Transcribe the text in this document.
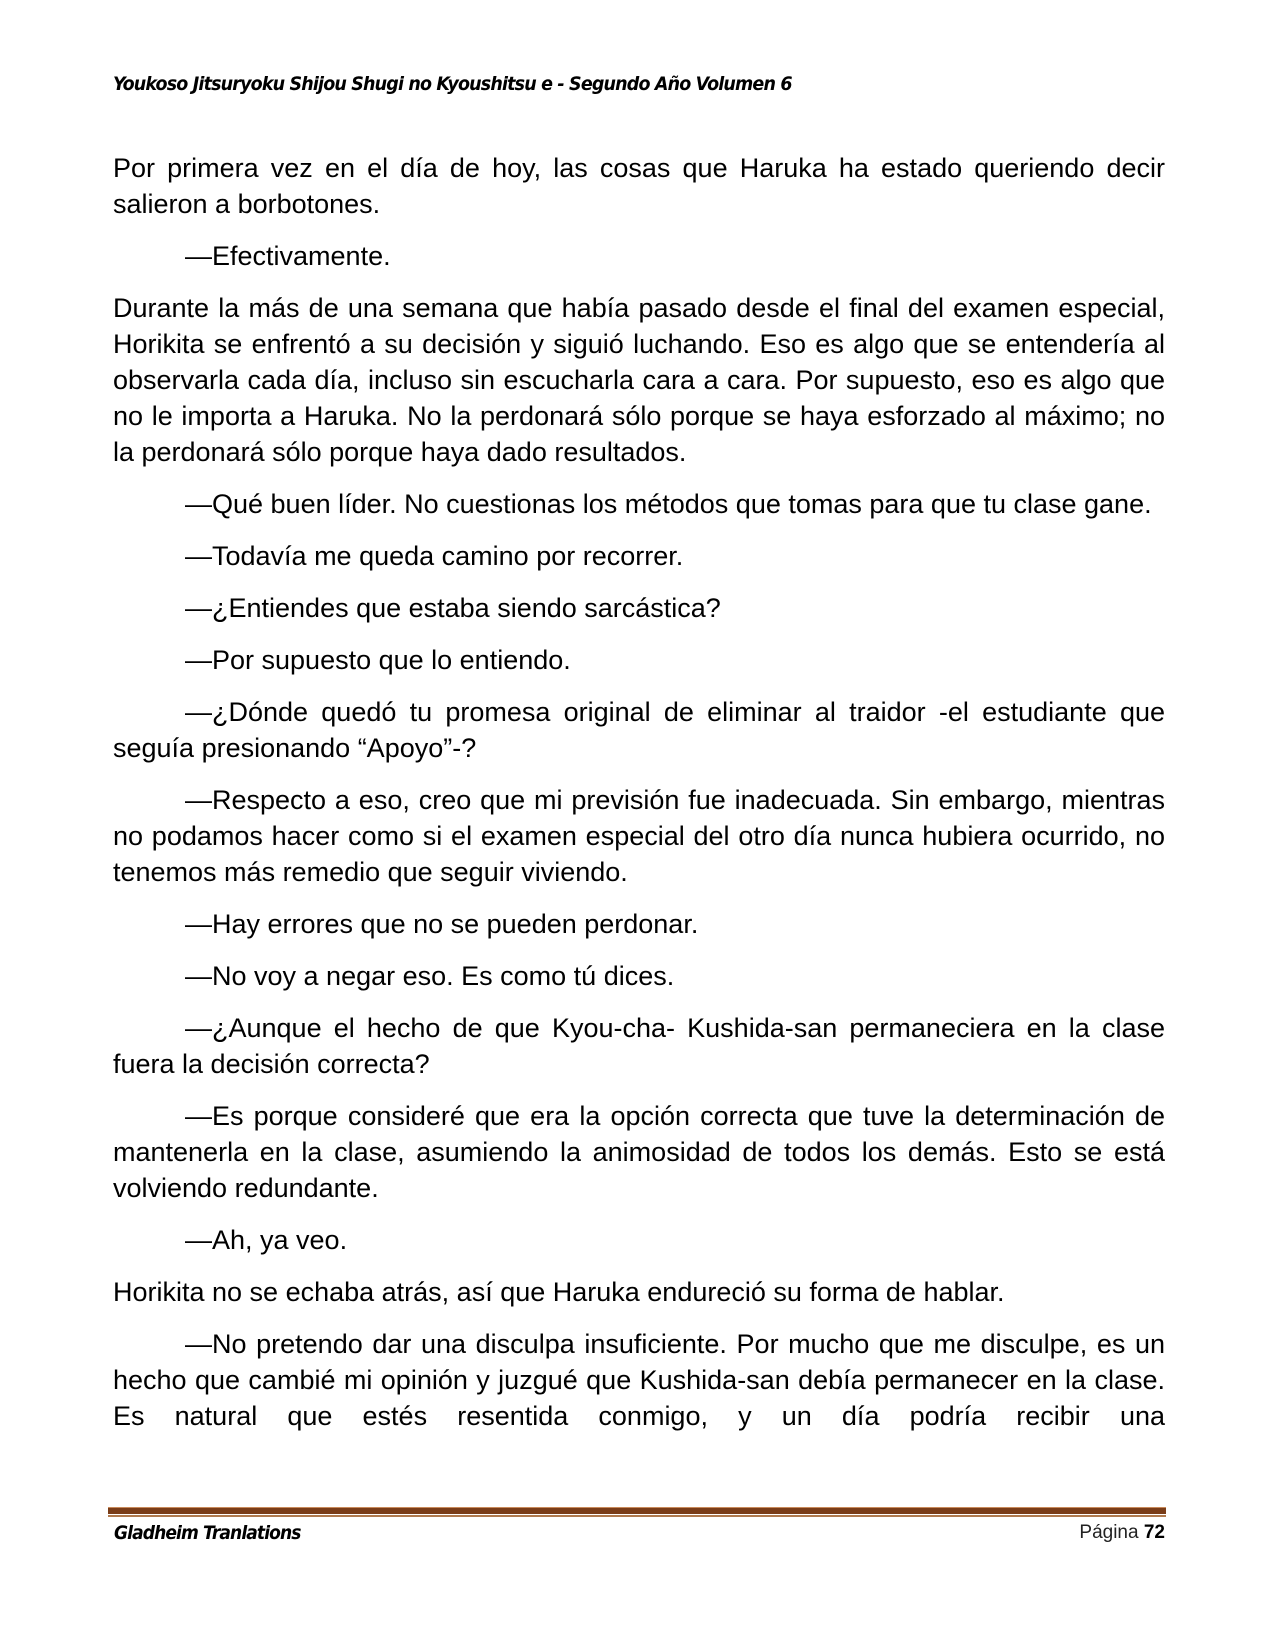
Youkoso Jitsuryoku Shijou Shugi no Kyoushitsu e - Segundo Año Volumen 6

Por primera vez en el día de hoy, las cosas que Haruka ha estado queriendo decir salieron a borbotones.

—Efectivamente.

Durante la más de una semana que había pasado desde el final del examen especial, Horikita se enfrentó a su decisión y siguió luchando. Eso es algo que se entendería al observarla cada día, incluso sin escucharla cara a cara. Por supuesto, eso es algo que no le importa a Haruka. No la perdonará sólo porque se haya esforzado al máximo; no la perdonará sólo porque haya dado resultados.

—Qué buen líder. No cuestionas los métodos que tomas para que tu clase gane.

—Todavía me queda camino por recorrer.

—¿Entiendes que estaba siendo sarcástica?

—Por supuesto que lo entiendo.

—¿Dónde quedó tu promesa original de eliminar al traidor -el estudiante que seguía presionando “Apoyo”-?

—Respecto a eso, creo que mi previsión fue inadecuada. Sin embargo, mientras no podamos hacer como si el examen especial del otro día nunca hubiera ocurrido, no tenemos más remedio que seguir viviendo.

—Hay errores que no se pueden perdonar.

—No voy a negar eso. Es como tú dices.

—¿Aunque el hecho de que Kyou-cha- Kushida-san permaneciera en la clase fuera la decisión correcta?

—Es porque consideré que era la opción correcta que tuve la determinación de mantenerla en la clase, asumiendo la animosidad de todos los demás. Esto se está volviendo redundante.

—Ah, ya veo.

Horikita no se echaba atrás, así que Haruka endureció su forma de hablar.

—No pretendo dar una disculpa insuficiente. Por mucho que me disculpe, es un hecho que cambié mi opinión y juzgué que Kushida-san debía permanecer en la clase. Es natural que estés resentida conmigo, y un día podría recibir una

Gladheim Tranlations	Página 72
